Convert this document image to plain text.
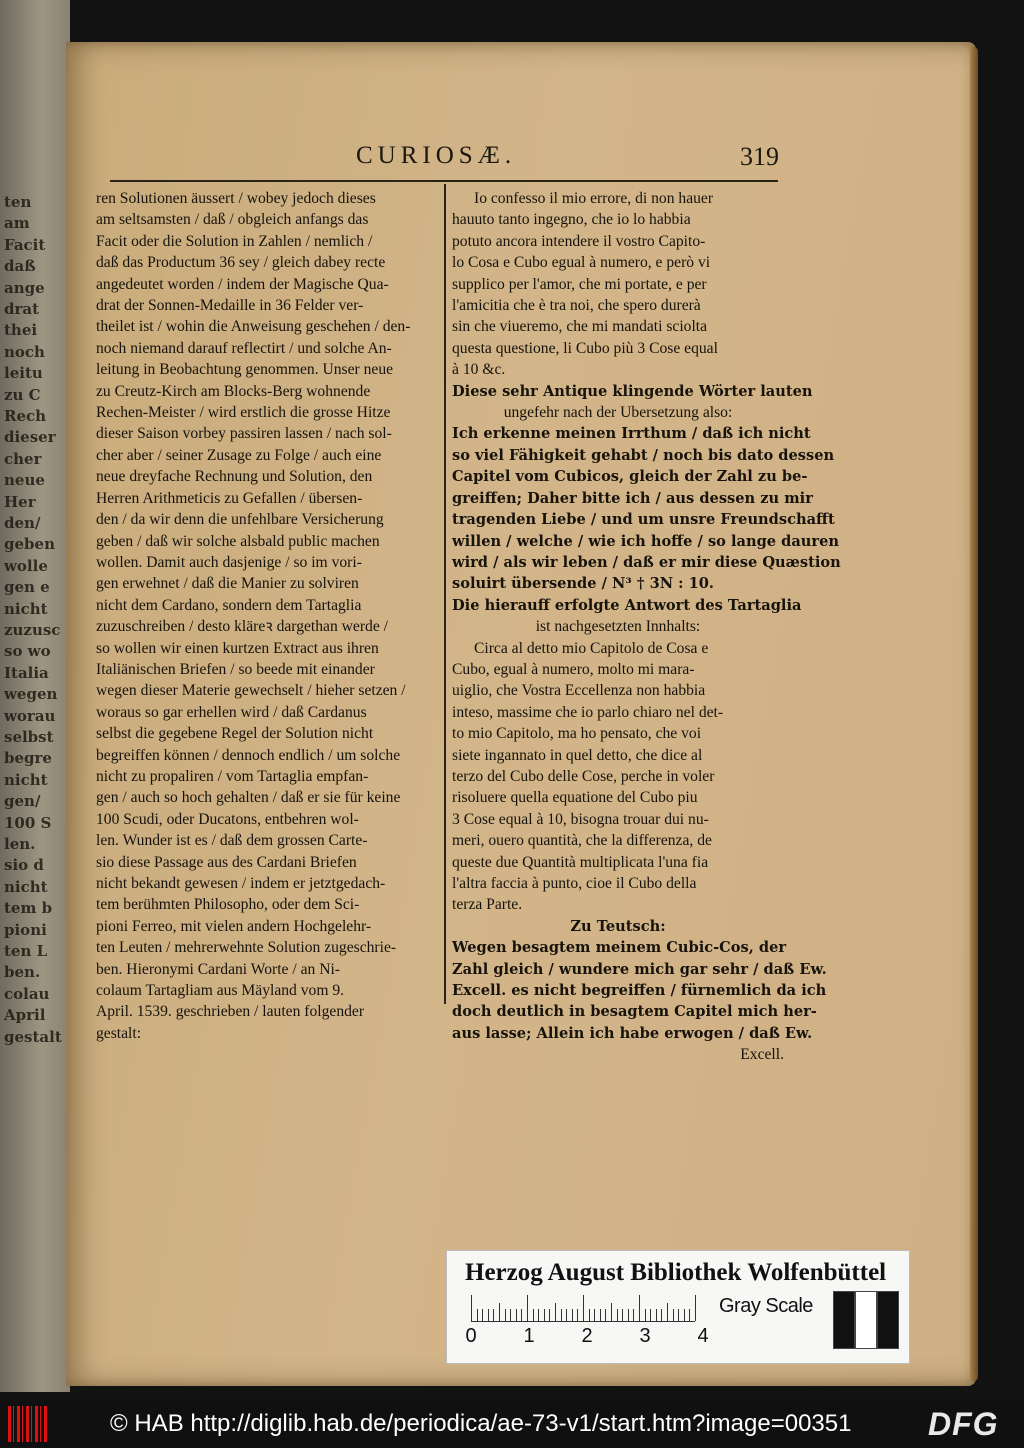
ten
am
Facit
daß
ange
drat
thei
noch
leitu
zu C
Rech
dieser
cher
neue
Her
den/
geben
wolle
gen e
nicht
zuzusc
so wo
Italia
wegen
worau
selbst
begre
nicht
gen/
100 S
len.
sio d
nicht
tem b
pioni
ten L
ben.
colau
April
gestalt
CURIOSÆ.	319
ren Solutionen äussert / wobey jedoch dieses
am seltsamsten / daß / obgleich anfangs das
Facit oder die Solution in Zahlen / nemlich /
daß das Productum 36 sey / gleich dabey recte
angedeutet worden / indem der Magische Qua-
drat der Sonnen-Medaille in 36 Felder ver-
theilet ist / wohin die Anweisung geschehen / den-
noch niemand darauf reflectirt / und solche An-
leitung in Beobachtung genommen. Unser neue
zu Creutz-Kirch am Blocks-Berg wohnende
Rechen-Meister / wird erstlich die grosse Hitze
dieser Saison vorbey passiren lassen / nach sol-
cher aber / seiner Zusage zu Folge / auch eine
neue dreyfache Rechnung und Solution, den
Herren Arithmeticis zu Gefallen / übersen-
den / da wir denn die unfehlbare Versicherung
geben / daß wir solche alsbald public machen
wollen. Damit auch dasjenige / so im vori-
gen erwehnet / daß die Manier zu solviren
nicht dem Cardano, sondern dem Tartaglia
zuzuschreiben / desto kläreꝛ dargethan werde /
so wollen wir einen kurtzen Extract aus ihren
Italiänischen Briefen / so beede mit einander
wegen dieser Materie gewechselt / hieher setzen /
woraus so gar erhellen wird / daß Cardanus
selbst die gegebene Regel der Solution nicht
begreiffen können / dennoch endlich / um solche
nicht zu propaliren / vom Tartaglia empfan-
gen / auch so hoch gehalten / daß er sie für keine
100 Scudi, oder Ducatons, entbehren wol-
len. Wunder ist es / daß dem grossen Carte-
sio diese Passage aus des Cardani Briefen
nicht bekandt gewesen / indem er jetztgedach-
tem berühmten Philosopho, oder dem Sci-
pioni Ferreo, mit vielen andern Hochgelehr-
ten Leuten / mehrerwehnte Solution zugeschrie-
ben. Hieronymi Cardani Worte / an Ni-
colaum Tartagliam aus Mäyland vom 9.
April. 1539. geschrieben / lauten folgender
gestalt:
Io confesso il mio errore, di non hauer
hauuto tanto ingegno, che io lo habbia
potuto ancora intendere il vostro Capito-
lo Cosa e Cubo egual à numero, e però vi
supplico per l'amor, che mi portate, e per
l'amicitia che è tra noi, che spero durerà
sin che viueremo, che mi mandati sciolta
questa questione, li Cubo più 3 Cose equal
à 10 &c.
Diese sehr Antique klingende Wörter lauten
ungefehr nach der Ubersetzung also:
Ich erkenne meinen Irrthum / daß ich nicht
so viel Fähigkeit gehabt / noch bis dato dessen
Capitel vom Cubicos, gleich der Zahl zu be-
greiffen; Daher bitte ich / aus dessen zu mir
tragenden Liebe / und um unsre Freundschafft
willen / welche / wie ich hoffe / so lange dauren
wird / als wir leben / daß er mir diese Quæstion
soluirt übersende / N³ † 3N : 10.
Die hierauff erfolgte Antwort des Tartaglia
ist nachgesetzten Innhalts:
Circa al detto mio Capitolo de Cosa e
Cubo, egual à numero, molto mi mara-
uiglio, che Vostra Eccellenza non habbia
inteso, massime che io parlo chiaro nel det-
to mio Capitolo, ma ho pensato, che voi
siete ingannato in quel detto, che dice al
terzo del Cubo delle Cose, perche in voler
risoluere quella equatione del Cubo piu
3 Cose equal à 10, bisogna trouar dui nu-
meri, ouero quantità, che la differenza, de
queste due Quantità multiplicata l'una fia
l'altra faccia à punto, cioe il Cubo della
terza Parte.
Zu Teutsch:
Wegen besagtem meinem Cubic-Cos, der
Zahl gleich / wundere mich gar sehr / daß Ew.
Excell. es nicht begreiffen / fürnemlich da ich
doch deutlich in besagtem Capitel mich her-
aus lasse; Allein ich habe erwogen / daß Ew.
Excell.
Herzog August Bibliothek Wolfenbüttel
0 1 2 3 4
Gray Scale
© HAB http://diglib.hab.de/periodica/ae-73-v1/start.htm?image=00351 DFG
